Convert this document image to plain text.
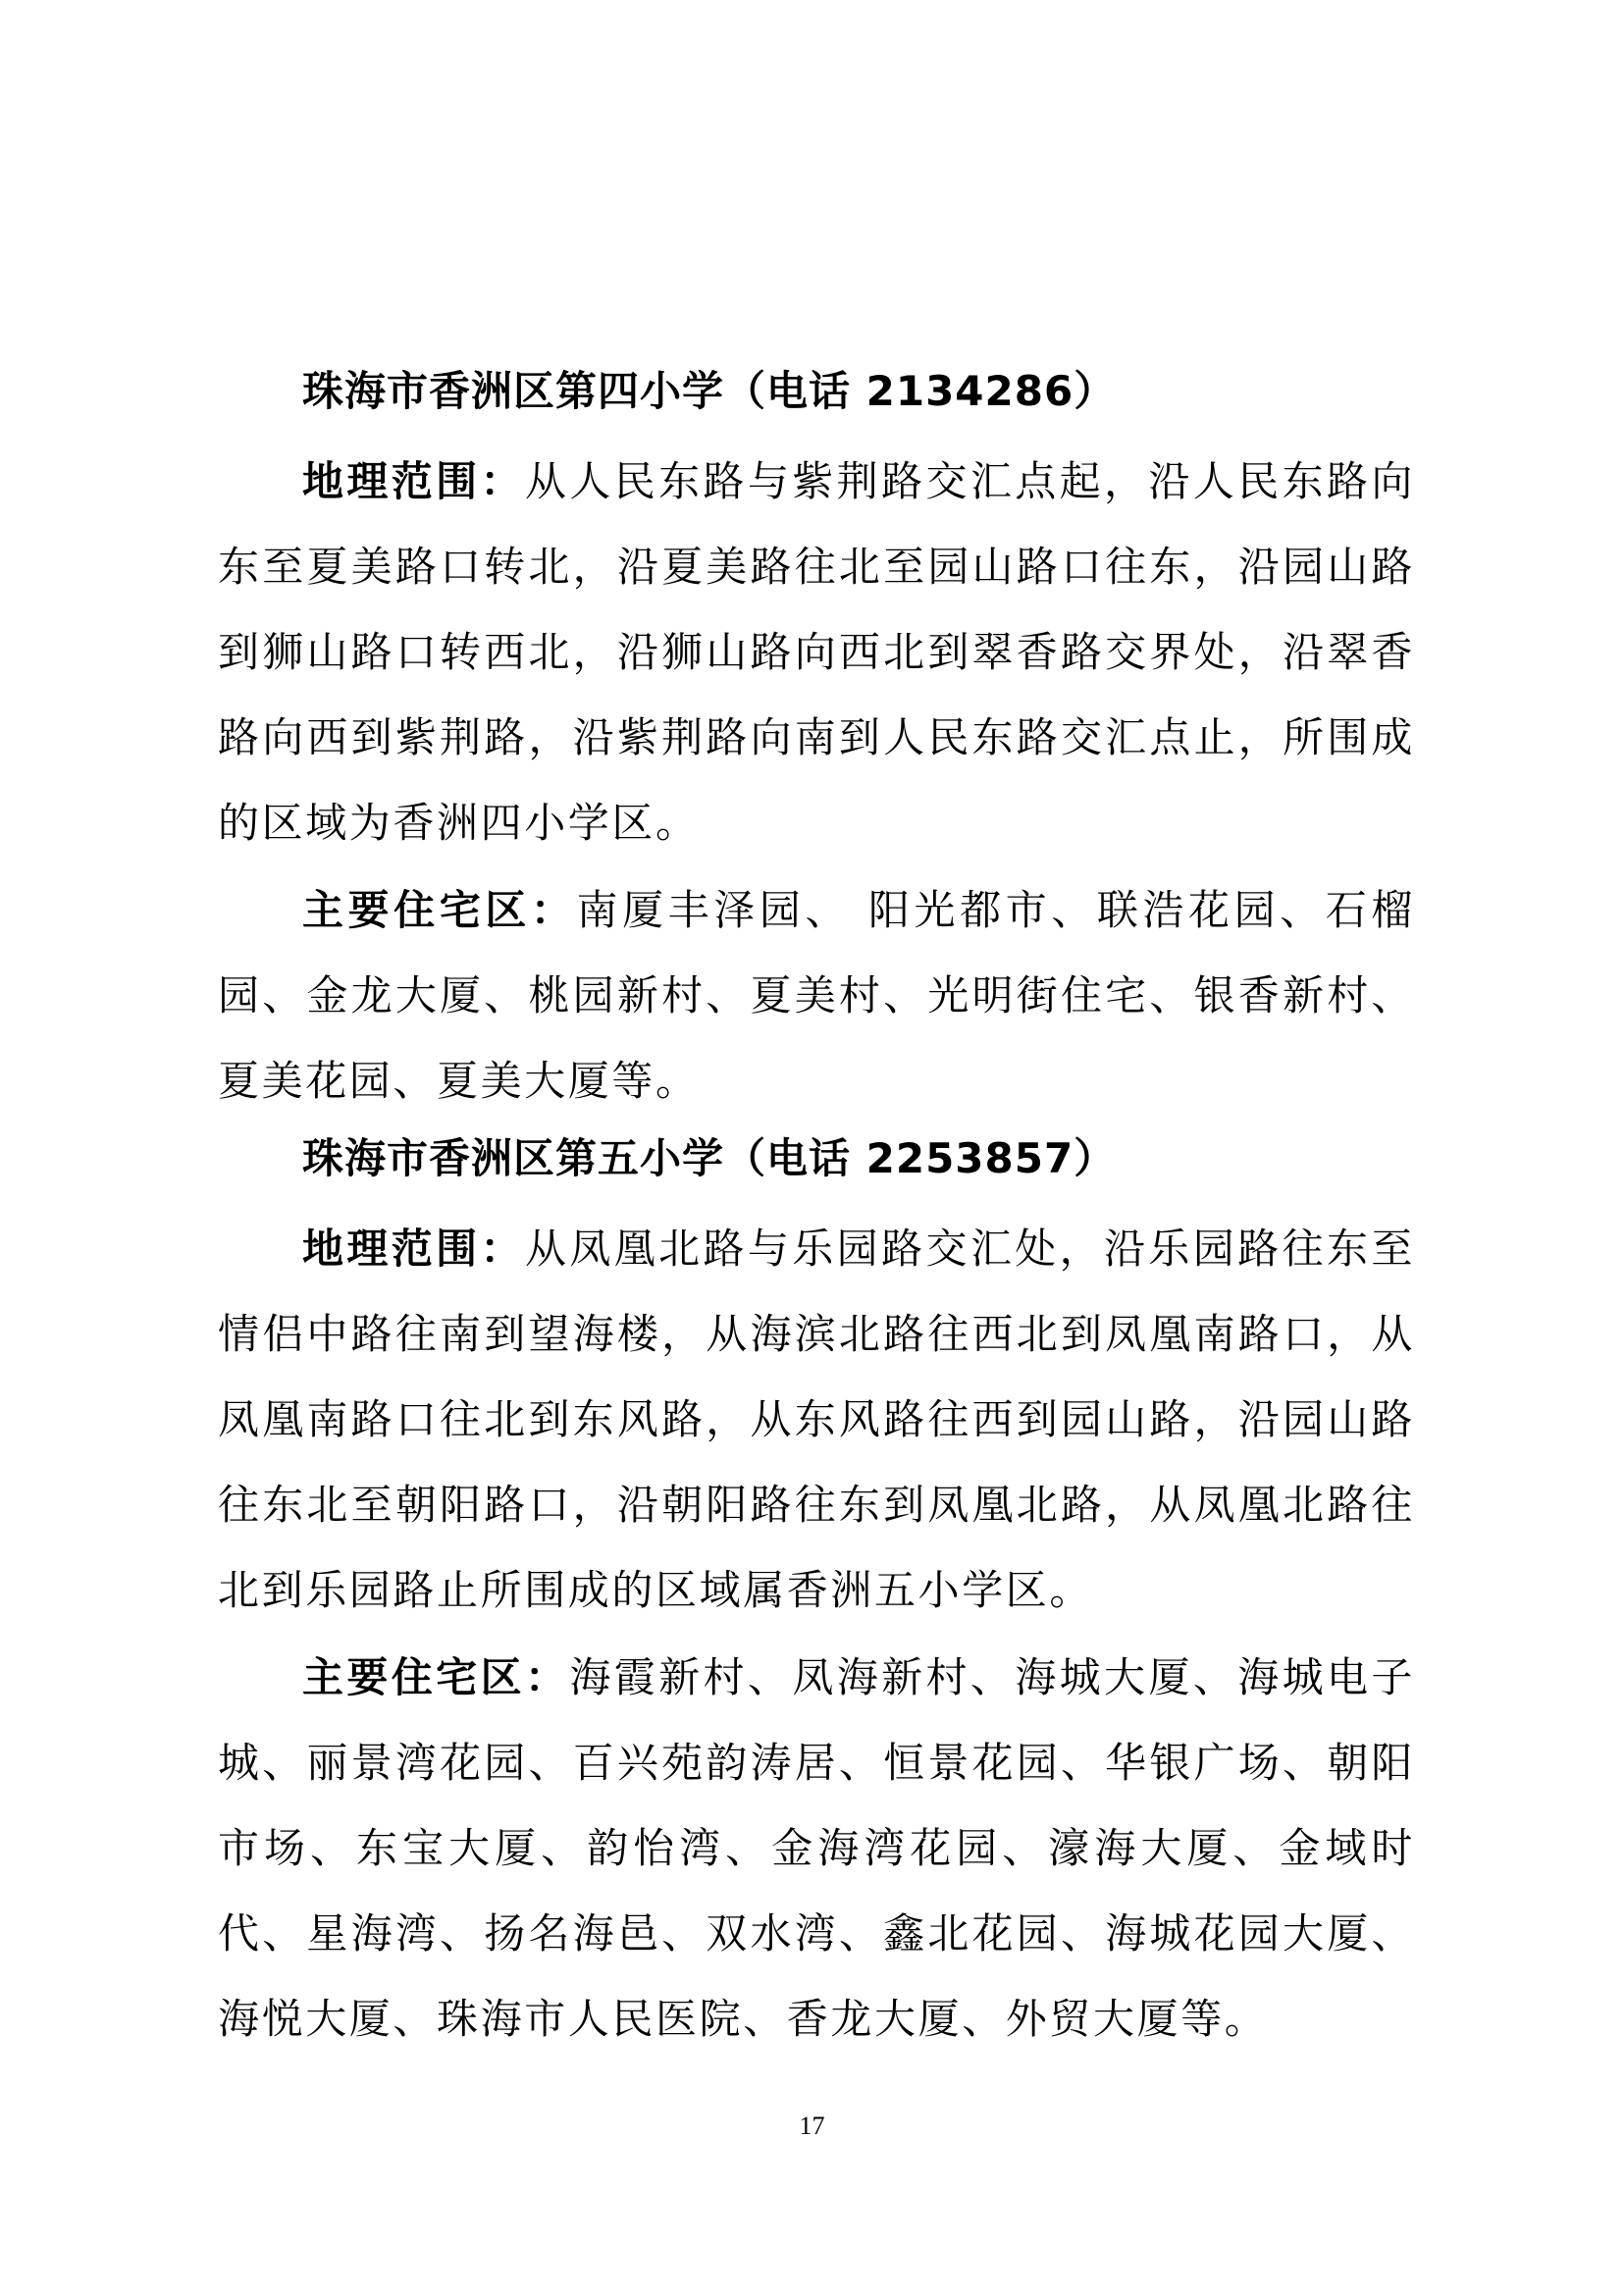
珠海市香洲区第四小学（电话 2134286）

地理范围：从人民东路与紫荆路交汇点起，沿人民东路向东至夏美路口转北，沿夏美路往北至园山路口往东，沿园山路到狮山路口转西北，沿狮山路向西北到翠香路交界处，沿翠香路向西到紫荆路，沿紫荆路向南到人民东路交汇点止，所围成的区域为香洲四小学区。

主要住宅区：南厦丰泽园、 阳光都市、联浩花园、石榴园、金龙大厦、桃园新村、夏美村、光明街住宅、银香新村、夏美花园、夏美大厦等。

珠海市香洲区第五小学（电话 2253857）

地理范围：从凤凰北路与乐园路交汇处，沿乐园路往东至情侣中路往南到望海楼，从海滨北路往西北到凤凰南路口，从凤凰南路口往北到东风路，从东风路往西到园山路，沿园山路往东北至朝阳路口，沿朝阳路往东到凤凰北路，从凤凰北路往北到乐园路止所围成的区域属香洲五小学区。

主要住宅区：海霞新村、凤海新村、海城大厦、海城电子城、丽景湾花园、百兴苑韵涛居、恒景花园、华银广场、朝阳市场、东宝大厦、韵怡湾、金海湾花园、濠海大厦、金域时代、星海湾、扬名海邑、双水湾、鑫北花园、海城花园大厦、海悦大厦、珠海市人民医院、香龙大厦、外贸大厦等。

17
